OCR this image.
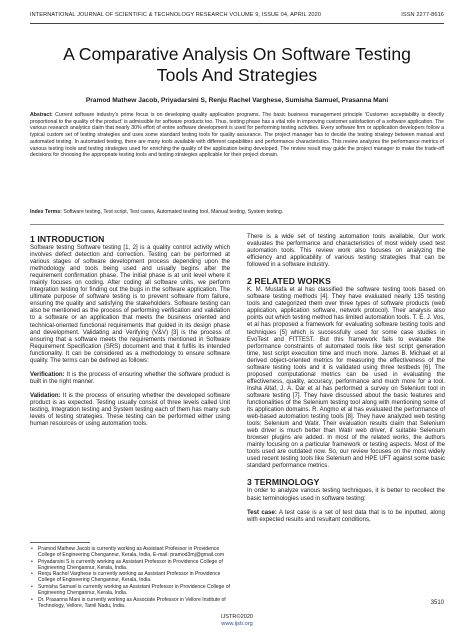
INTERNATIONAL JOURNAL OF SCIENTIFIC & TECHNOLOGY RESEARCH VOLUME 9, ISSUE 04, APRIL 2020	ISSN 2277-8616
A Comparative Analysis On Software Testing
Tools And Strategies
Pramod Mathew Jacob, Priyadarsini S, Renju Rachel Varghese, Sumisha Samuel, Prasanna Mani
Abstract: Current software industry's prime focus is on developing quality application programs. The basic business management principle 'Customer acceptability is directly proportional to the quality of the product' is admissible for software products too. Thus, testing phase has a vital role in improving customer satisfaction of a software application. The various research analytics claim that nearly 30% effort of entire software development is used for performing testing activities. Every software firm or application developers follow a typical custom set of testing strategies and uses some standard testing tools for quality assurance. The project manager has to decide the testing strategy between manual and automated testing. In automated testing, there are many tools available with different capabilities and performance characteristics. This review analyzes the performance metrics of various testing tools and testing strategies used for enriching the quality of the application being developed. The review result may guide the project manager to make the trade-off decisions for choosing the appropriate testing tools and testing strategies applicable for their project domain.
Index Terms: Software testing, Test script, Test cases, Automated testing tool, Manual testing, System testing.
1 INTRODUCTION

Software testing Software testing [1, 2] is a quality control activity which involves defect detection and correction. Testing can be performed at various stages of software development process depending upon the methodology and tools being used and usually begins after the requirement confirmation phase. The initial phase is at unit level where it mainly focuses on coding. After coding all software units, we perform Integration testing for finding out the bugs in the software application. The ultimate purpose of software testing is to prevent software from failure, ensuring the quality and satisfying the stakeholders. Software testing can also be mentioned as the process of performing verification and validation to a software or an application that meets the business oriented and technical-oriented functional requirements that guided in its design phase and development. Validating and Verifying (V&V) [3] is the process of ensuring that a software meets the requirements mentioned in Software Requirement Specification (SRS) document and that it fulfils its intended functionality. It can be considered as a methodology to ensure software quality. The terms can be defined as follows:

Verification: It is the process of ensuring whether the software product is built in the right manner.

Validation: It is the process of ensuring whether the developed software product is as expected. Testing usually consist of three levels called Unit testing, Integration testing and System testing each of them has many sub levels of testing strategies. These testing can be performed either using human resources or using automation tools.

• Pramod Mathew Jacob is currently working as Assistant Professor in Providence College of Engineering Chengannur, Kerala, India, E-mail: pramod3mj@gmail.com
• Priyadarsini S is currently working as Assistant Professor in Providence College of Engineering Chengannur, Kerala, India.
• Renju Rachel Varghese is currently working as Assistant Professor in Providence College of Engineering Chengannur, Kerala, India.
• Sumisha Samuel is currently working as Assistant Professor in Providence College of Engineering Chengannur, Kerala, India.
• Dr. Prasanna Mani is currently working as Associate Professor in Vellore Institute of Technology, Vellore, Tamil Nadu, India.

There is a wide set of testing automation tools available. Our work evaluates the performance and characteristics of most widely used test automation tools. This review work also focuses on analyzing the efficiency and applicability of various testing strategies that can be followed in a software industry.

2 RELATED WORKS

K. M. Mustafa et al has classified the software testing tools based on software testing methods [4]. They have evaluated nearly 135 testing tools and categorized them over three types of software products (web application, application software, network protocol). Their analysis also points out which testing method has limited automation tools. T. E. J. Vos, et al has proposed a framework for evaluating software testing tools and techniques [5] which is successfully used for some case studies in EvoTest and FITTEST. But this framework fails to evaluate the performance constraints of automated tools like test script generation time, test script execution time and much more. James B. Michael et al derived object-oriented metrics for measuring the effectiveness of the software testing tools and it is validated using three testbeds [6]. The proposed computational metrics can be used in evaluating the effectiveness, quality, accuracy, performance and much more for a tool. Insha Altaf, J. A. Dar et al has performed a survey on Selenium tool in software testing [7]. They have discussed about the basic features and functionalities of the Selenium testing tool along with mentioning some of its application domains. R. Angmo et al has evaluated the performance of web-based automation testing tools [8]. They have analyzed web testing tools: Selenium and Watir. Their evaluation results claim that Selenium web driver is much better than Watir web driver, if suitable Selenium browser plugins are added. In most of the related works, the authors mainly focusing on a particular framework or testing aspects. Most of the tools used are outdated now. So, our review focuses on the most widely used recent testing tools like Selenium and HPE UFT against some basic standard performance metrics.

3 TERMINOLOGY

In order to analyze various testing techniques, it is better to recollect the basic terminologies used in software testing:

Test case: A test case is a set of test data that is to be inputted, along with expected results and resultant conditions,

3510
IJSTR©2020
www.ijstr.org
